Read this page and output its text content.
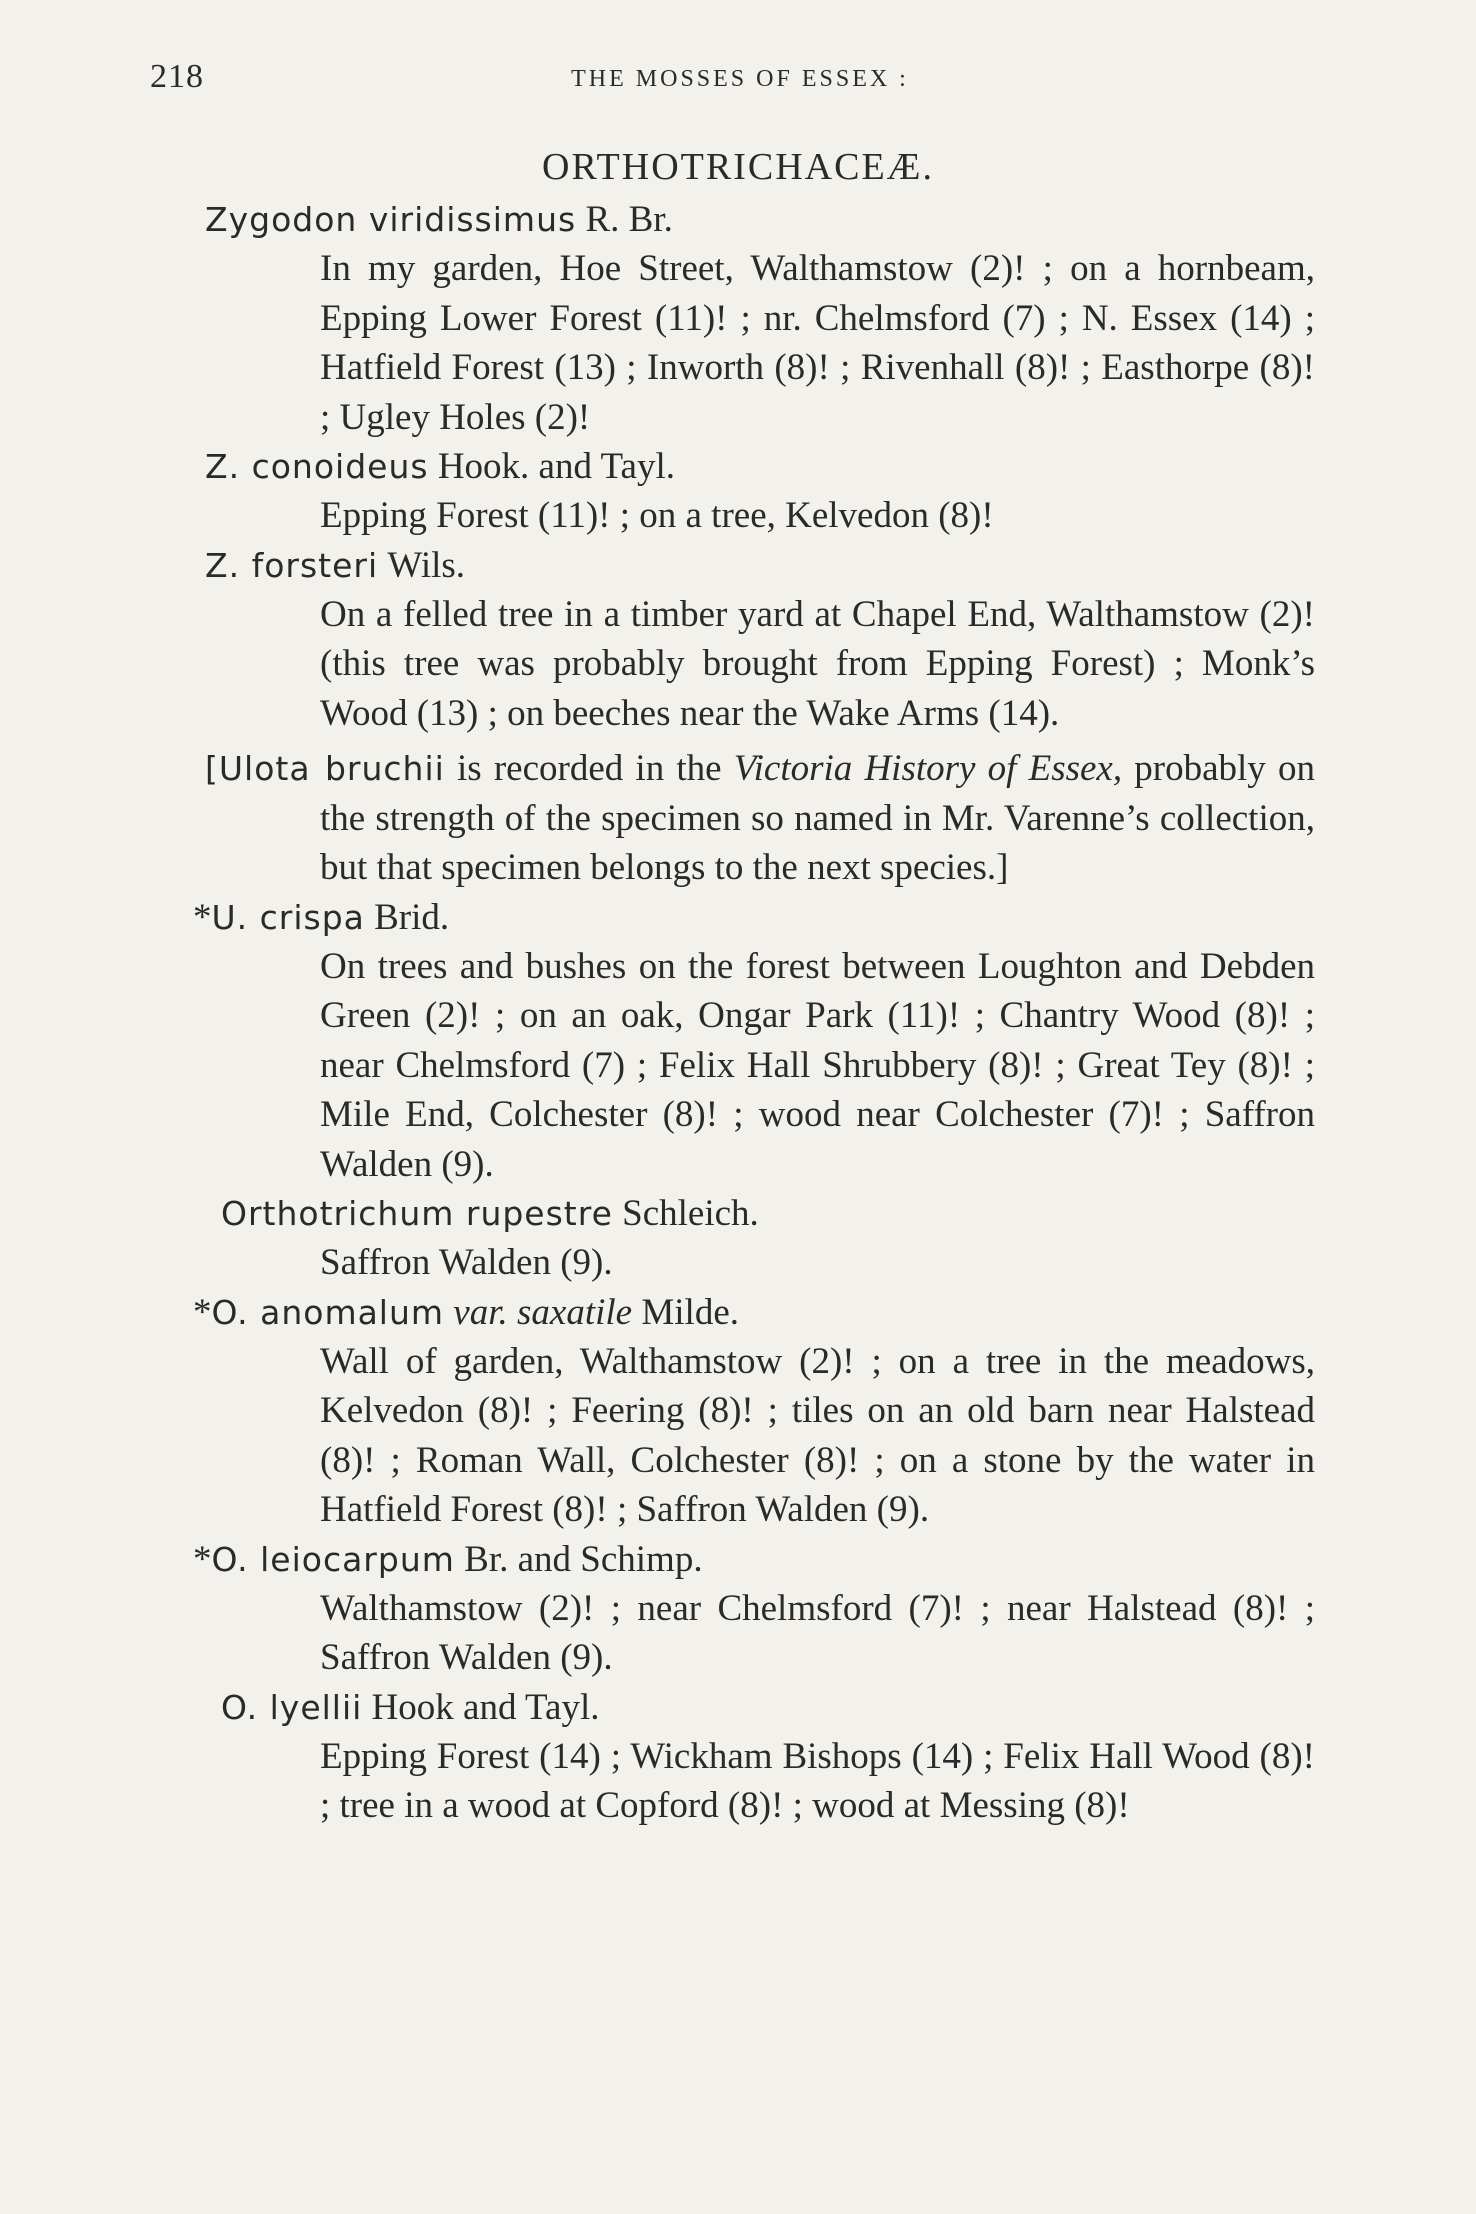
218	THE MOSSES OF ESSEX :
ORTHOTRICHACEÆ.
Zygodon viridissimus R. Br.
In my garden, Hoe Street, Walthamstow (2)! ; on a hornbeam, Epping Lower Forest (11)! ; nr. Chelmsford (7) ; N. Essex (14) ; Hatfield Forest (13) ; Inworth (8)! ; Rivenhall (8)! ; Easthorpe (8)! ; Ugley Holes (2)!
Z. conoideus Hook. and Tayl.
Epping Forest (11)! ; on a tree, Kelvedon (8)!
Z. forsteri Wils.
On a felled tree in a timber yard at Chapel End, Walthamstow (2)! (this tree was probably brought from Epping Forest) ; Monk’s Wood (13) ; on beeches near the Wake Arms (14).
[Ulota bruchii is recorded in the Victoria History of Essex, probably on the strength of the specimen so named in Mr. Varenne’s collection, but that specimen belongs to the next species.]
*U. crispa Brid.
On trees and bushes on the forest between Loughton and Debden Green (2)! ; on an oak, Ongar Park (11)! ; Chantry Wood (8)! ; near Chelmsford (7) ; Felix Hall Shrubbery (8)! ; Great Tey (8)! ; Mile End, Colchester (8)! ; wood near Colchester (7)! ; Saffron Walden (9).
Orthotrichum rupestre Schleich.
Saffron Walden (9).
*O. anomalum var. saxatile Milde.
Wall of garden, Walthamstow (2)! ; on a tree in the meadows, Kelvedon (8)! ; Feering (8)! ; tiles on an old barn near Halstead (8)! ; Roman Wall, Colchester (8)! ; on a stone by the water in Hatfield Forest (8)! ; Saffron Walden (9).
*O. leiocarpum Br. and Schimp.
Walthamstow (2)! ; near Chelmsford (7)! ; near Halstead (8)! ; Saffron Walden (9).
O. lyellii Hook and Tayl.
Epping Forest (14) ; Wickham Bishops (14) ; Felix Hall Wood (8)! ; tree in a wood at Copford (8)! ; wood at Messing (8)!
